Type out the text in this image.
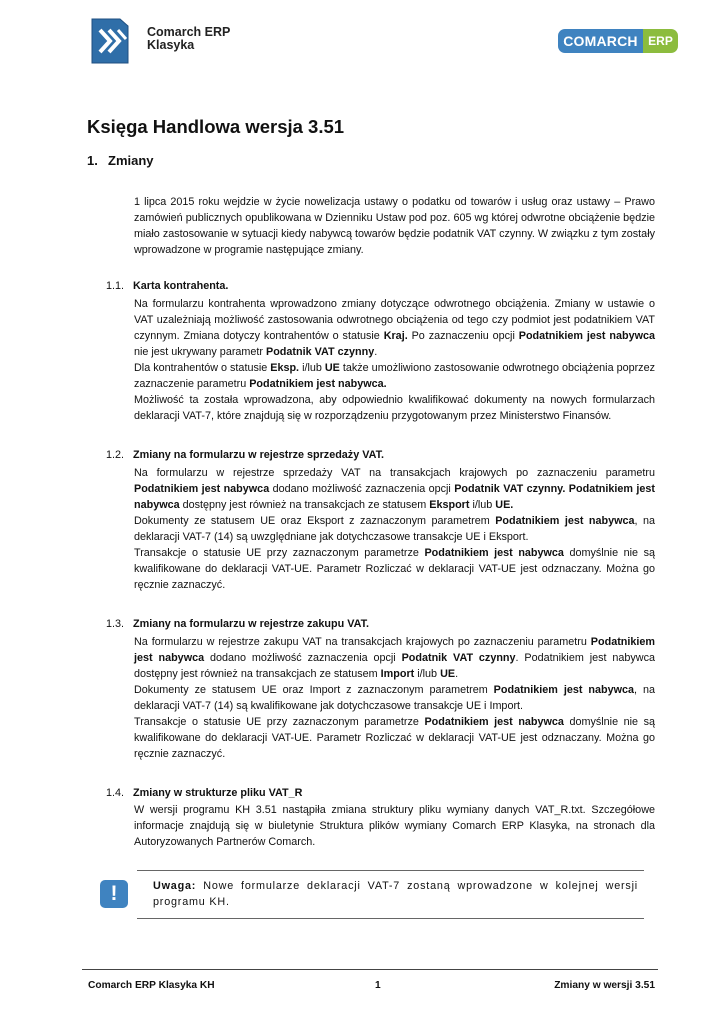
Comarch ERP
Klasyka	COMARCH ERP
Księga Handlowa wersja 3.51
1. Zmiany

1 lipca 2015 roku wejdzie w życie nowelizacja ustawy o podatku od towarów i usług oraz ustawy – Prawo zamówień publicznych opublikowana w Dzienniku Ustaw pod poz. 605 wg której odwrotne obciążenie będzie miało zastosowanie w sytuacji kiedy nabywcą towarów będzie podatnik VAT czynny. W związku z tym zostały wprowadzone w programie następujące zmiany.

1.1. Karta kontrahenta.

Na formularzu kontrahenta wprowadzono zmiany dotyczące odwrotnego obciążenia. Zmiany w ustawie o VAT uzależniają możliwość zastosowania odwrotnego obciążenia od tego czy podmiot jest podatnikiem VAT czynnym. Zmiana dotyczy kontrahentów o statusie Kraj. Po zaznaczeniu opcji Podatnikiem jest nabywca nie jest ukrywany parametr Podatnik VAT czynny.

Dla kontrahentów o statusie Eksp. i/lub UE także umożliwiono zastosowanie odwrotnego obciążenia poprzez zaznaczenie parametru Podatnikiem jest nabywca.

Możliwość ta została wprowadzona, aby odpowiednio kwalifikować dokumenty na nowych formularzach deklaracji VAT-7, które znajdują się w rozporządzeniu przygotowanym przez Ministerstwo Finansów.

1.2. Zmiany na formularzu w rejestrze sprzedaży VAT.

Na formularzu w rejestrze sprzedaży VAT na transakcjach krajowych po zaznaczeniu parametru Podatnikiem jest nabywca dodano możliwość zaznaczenia opcji Podatnik VAT czynny. Podatnikiem jest nabywca dostępny jest również na transakcjach ze statusem Eksport i/lub UE.

Dokumenty ze statusem UE oraz Eksport z zaznaczonym parametrem Podatnikiem jest nabywca, na deklaracji VAT-7 (14) są uwzględniane jak dotychczasowe transakcje UE i Eksport.

Transakcje o statusie UE przy zaznaczonym parametrze Podatnikiem jest nabywca domyślnie nie są kwalifikowane do deklaracji VAT-UE. Parametr Rozliczać w deklaracji VAT-UE jest odznaczany. Można go ręcznie zaznaczyć.

1.3. Zmiany na formularzu w rejestrze zakupu VAT.

Na formularzu w rejestrze zakupu VAT na transakcjach krajowych po zaznaczeniu parametru Podatnikiem jest nabywca dodano możliwość zaznaczenia opcji Podatnik VAT czynny. Podatnikiem jest nabywca dostępny jest również na transakcjach ze statusem Import i/lub UE.

Dokumenty ze statusem UE oraz Import z zaznaczonym parametrem Podatnikiem jest nabywca, na deklaracji VAT-7 (14) są kwalifikowane jak dotychczasowe transakcje UE i Import.

Transakcje o statusie UE przy zaznaczonym parametrze Podatnikiem jest nabywca domyślnie nie są kwalifikowane do deklaracji VAT-UE. Parametr Rozliczać w deklaracji VAT-UE jest odznaczany. Można go ręcznie zaznaczyć.

1.4. Zmiany w strukturze pliku VAT_R

W wersji programu KH 3.51 nastąpiła zmiana struktury pliku wymiany danych VAT_R.txt. Szczegółowe informacje znajdują się w biuletynie Struktura plików wymiany Comarch ERP Klasyka, na stronach dla Autoryzowanych Partnerów Comarch.

!	Uwaga: Nowe formularze deklaracji VAT-7 zostaną wprowadzone w kolejnej wersji programu KH.

Comarch ERP Klasyka KH	1	Zmiany w wersji 3.51
